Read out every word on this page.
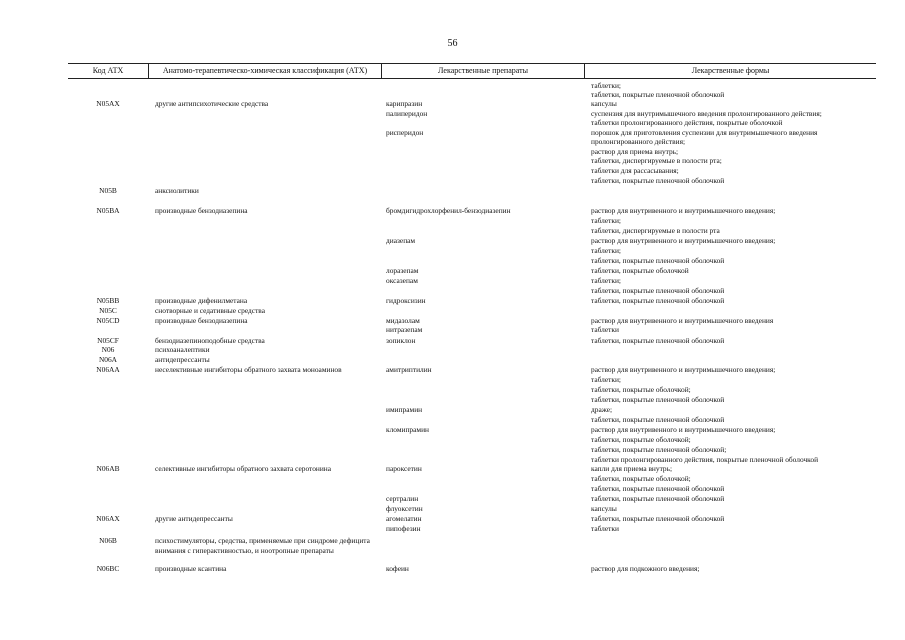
56
Код АТХ	Анатомо-терапевтическо-химическая классификация (АТХ)	Лекарственные препараты	Лекарственные формы
таблетки;
таблетки, покрытые пленочной оболочкой
N05AX	другие антипсихотические средства	карипразин	капсулы
палиперидон	суспензия для внутримышечного введения пролонгированного действия;
таблетки пролонгированного действия, покрытые оболочкой
рисперидон	порошок для приготовления суспензии для внутримышечного введения
пролонгированного действия;
раствор для приема внутрь;
таблетки, диспергируемые в полости рта;
таблетки для рассасывания;
таблетки, покрытые пленочной оболочкой
N05B	анксиолитики
N05BA	производные бензодиазепина	бромдигидрохлорфенил-бензодиазепин	раствор для внутривенного и внутримышечного введения;
таблетки;
таблетки, диспергируемые в полости рта
диазепам	раствор для внутривенного и внутримышечного введения;
таблетки;
таблетки, покрытые пленочной оболочкой
лоразепам	таблетки, покрытые оболочкой
оксазепам	таблетки;
таблетки, покрытые пленочной оболочкой
N05BB	производные дифенилметана	гидроксизин	таблетки, покрытые пленочной оболочкой
N05C	снотворные и седативные средства
N05CD	производные бензодиазепина	мидазолам	раствор для внутривенного и внутримышечного введения
нитразепам	таблетки
N05CF	бензодиазепиноподобные средства	зопиклон	таблетки, покрытые пленочной оболочкой
N06	психоаналептики
N06A	антидепрессанты
N06AA	неселективные ингибиторы обратного захвата моноаминов	амитриптилин	раствор для внутривенного и внутримышечного введения;
таблетки;
таблетки, покрытые оболочкой;
таблетки, покрытые пленочной оболочкой
имипрамин	драже;
таблетки, покрытые пленочной оболочкой
кломипрамин	раствор для внутривенного и внутримышечного введения;
таблетки, покрытые оболочкой;
таблетки, покрытые пленочной оболочкой;
таблетки пролонгированного действия, покрытые пленочной оболочкой
N06AB	селективные ингибиторы обратного захвата серотонина	пароксетин	капли для приема внутрь;
таблетки, покрытые оболочкой;
таблетки, покрытые пленочной оболочкой
сертралин	таблетки, покрытые пленочной оболочкой
флуоксетин	капсулы
N06AX	другие антидепрессанты	агомелатин	таблетки, покрытые пленочной оболочкой
пипофезин	таблетки
N06B	психостимуляторы, средства, применяемые при синдроме дефицита внимания с гиперактивностью, и ноотропные препараты
N06BC	производные ксантина	кофеин	раствор для подкожного введения;
